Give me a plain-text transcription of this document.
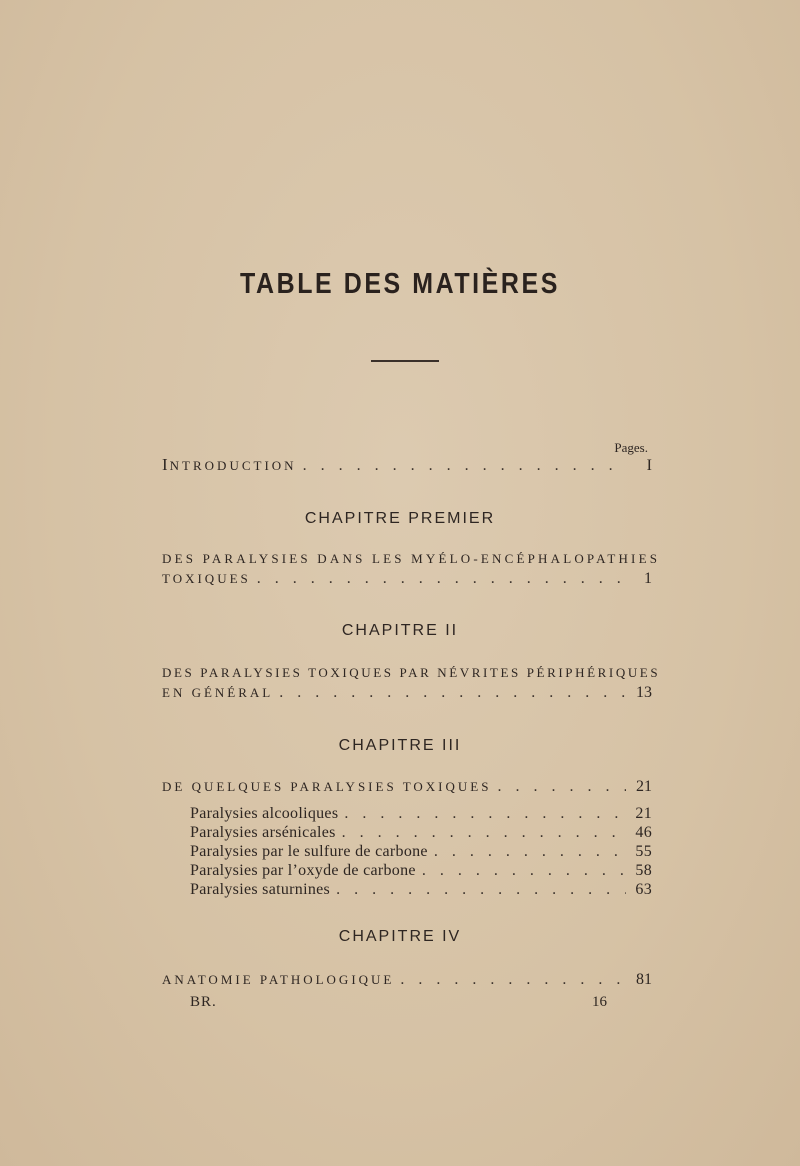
TABLE DES MATIÈRES
Pages.
INTRODUCTION . . .	I
CHAPITRE PREMIER
DES PARALYSIES DANS LES MYÉLO-ENCÉPHALOPATHIES
TOXIQUES . . .	1
CHAPITRE II
DES PARALYSIES TOXIQUES PAR NÉVRITES PÉRIPHÉRIQUES
EN GÉNÉRAL . . .	13
CHAPITRE III
DE QUELQUES PARALYSIES TOXIQUES . . .	21
Paralysies alcooliques . . .	21
Paralysies arsénicales . . .	46
Paralysies par le sulfure de carbone . . .	55
Paralysies par l’oxyde de carbone . . .	58
Paralysies saturnines . . .	63
CHAPITRE IV
ANATOMIE PATHOLOGIQUE . . .	81
BR.	16
